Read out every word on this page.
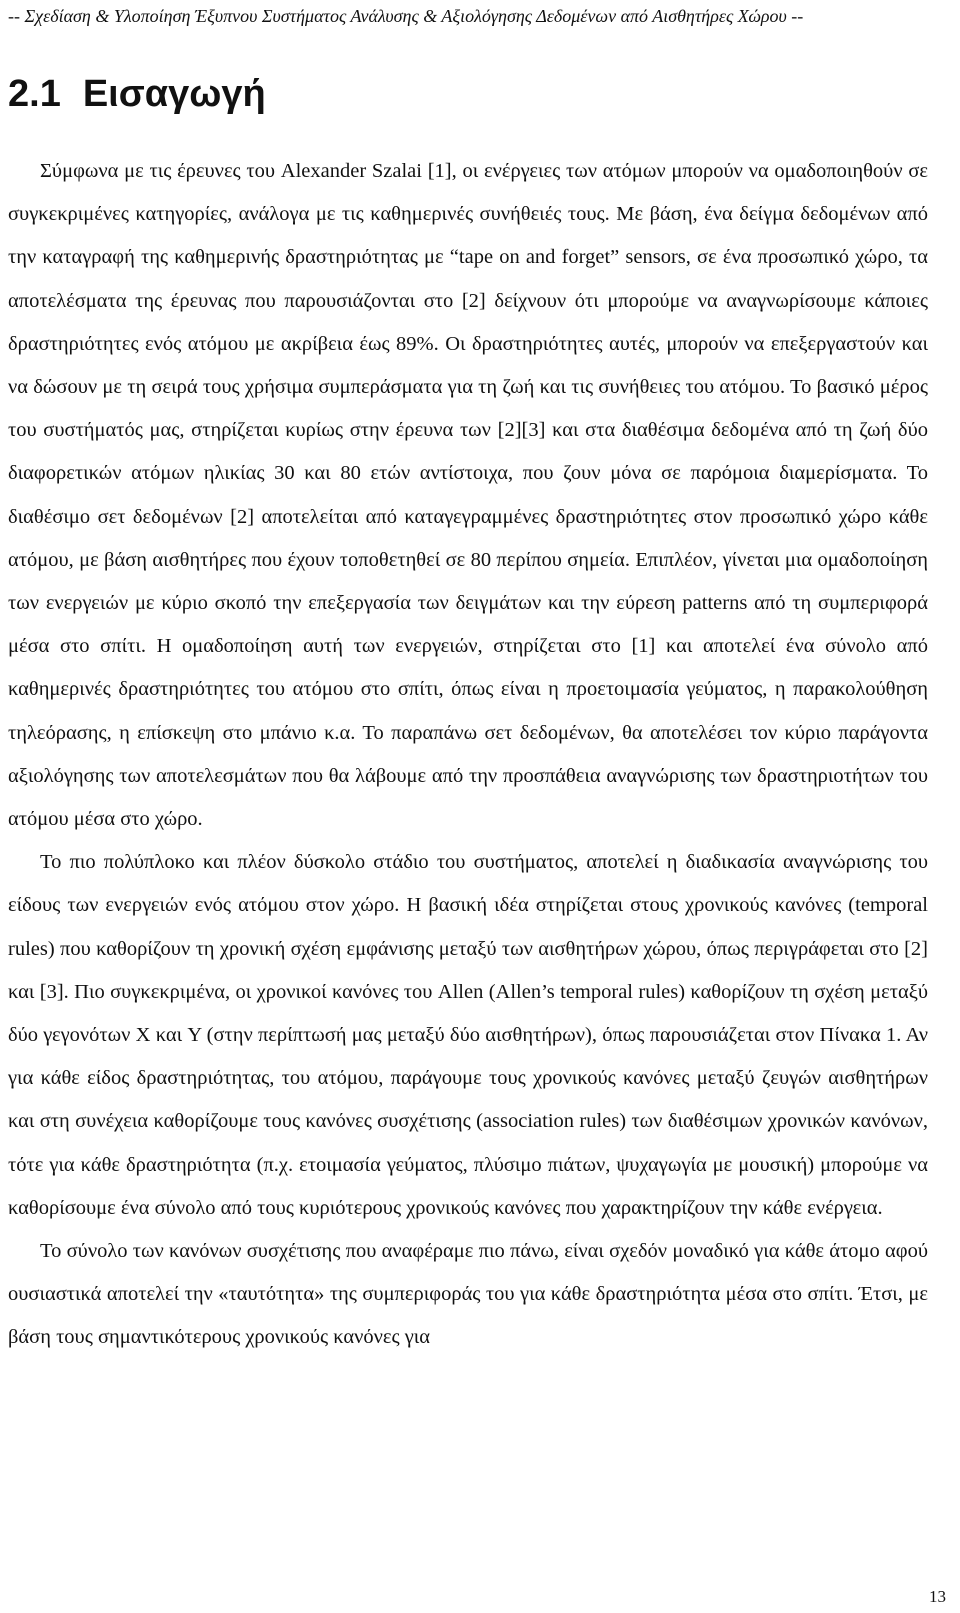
-- Σχεδίαση & Υλοποίηση Έξυπνου Συστήματος Ανάλυσης & Αξιολόγησης Δεδομένων από Αισθητήρες Χώρου --
2.1 Εισαγωγή

Σύμφωνα με τις έρευνες του Alexander Szalai [1], οι ενέργειες των ατόμων μπορούν να ομαδοποιηθούν σε συγκεκριμένες κατηγορίες, ανάλογα με τις καθημερινές συνήθειές τους. Με βάση, ένα δείγμα δεδομένων από την καταγραφή της καθημερινής δραστηριότητας με “tape on and forget” sensors, σε ένα προσωπικό χώρο, τα αποτελέσματα της έρευνας που παρουσιάζονται στο [2] δείχνουν ότι μπορούμε να αναγνωρίσουμε κάποιες δραστηριότητες ενός ατόμου με ακρίβεια έως 89%. Οι δραστηριότητες αυτές, μπορούν να επεξεργαστούν και να δώσουν με τη σειρά τους χρήσιμα συμπεράσματα για τη ζωή και τις συνήθειες του ατόμου. Το βασικό μέρος του συστήματός μας, στηρίζεται κυρίως στην έρευνα των [2][3] και στα διαθέσιμα δεδομένα από τη ζωή δύο διαφορετικών ατόμων ηλικίας 30 και 80 ετών αντίστοιχα, που ζουν μόνα σε παρόμοια διαμερίσματα. Το διαθέσιμο σετ δεδομένων [2] αποτελείται από καταγεγραμμένες δραστηριότητες στον προσωπικό χώρο κάθε ατόμου, με βάση αισθητήρες που έχουν τοποθετηθεί σε 80 περίπου σημεία. Επιπλέον, γίνεται μια ομαδοποίηση των ενεργειών με κύριο σκοπό την επεξεργασία των δειγμάτων και την εύρεση patterns από τη συμπεριφορά μέσα στο σπίτι. Η ομαδοποίηση αυτή των ενεργειών, στηρίζεται στο [1] και αποτελεί ένα σύνολο από καθημερινές δραστηριότητες του ατόμου στο σπίτι, όπως είναι η προετοιμασία γεύματος, η παρακολούθηση τηλεόρασης, η επίσκεψη στο μπάνιο κ.α. Το παραπάνω σετ δεδομένων, θα αποτελέσει τον κύριο παράγοντα αξιολόγησης των αποτελεσμάτων που θα λάβουμε από την προσπάθεια αναγνώρισης των δραστηριοτήτων του ατόμου μέσα στο χώρο.

Το πιο πολύπλοκο και πλέον δύσκολο στάδιο του συστήματος, αποτελεί η διαδικασία αναγνώρισης του είδους των ενεργειών ενός ατόμου στον χώρο. Η βασική ιδέα στηρίζεται στους χρονικούς κανόνες (temporal rules) που καθορίζουν τη χρονική σχέση εμφάνισης μεταξύ των αισθητήρων χώρου, όπως περιγράφεται στο [2] και [3]. Πιο συγκεκριμένα, οι χρονικοί κανόνες του Allen (Allen’s temporal rules) καθορίζουν τη σχέση μεταξύ δύο γεγονότων X και Y (στην περίπτωσή μας μεταξύ δύο αισθητήρων), όπως παρουσιάζεται στον Πίνακα 1. Αν για κάθε είδος δραστηριότητας, του ατόμου, παράγουμε τους χρονικούς κανόνες μεταξύ ζευγών αισθητήρων και στη συνέχεια καθορίζουμε τους κανόνες συσχέτισης (association rules) των διαθέσιμων χρονικών κανόνων, τότε για κάθε δραστηριότητα (π.χ. ετοιμασία γεύματος, πλύσιμο πιάτων, ψυχαγωγία με μουσική) μπορούμε να καθορίσουμε ένα σύνολο από τους κυριότερους χρονικούς κανόνες που χαρακτηρίζουν την κάθε ενέργεια.

Το σύνολο των κανόνων συσχέτισης που αναφέραμε πιο πάνω, είναι σχεδόν μοναδικό για κάθε άτομο αφού ουσιαστικά αποτελεί την «ταυτότητα» της συμπεριφοράς του για κάθε δραστηριότητα μέσα στο σπίτι. Έτσι, με βάση τους σημαντικότερους χρονικούς κανόνες για

13
